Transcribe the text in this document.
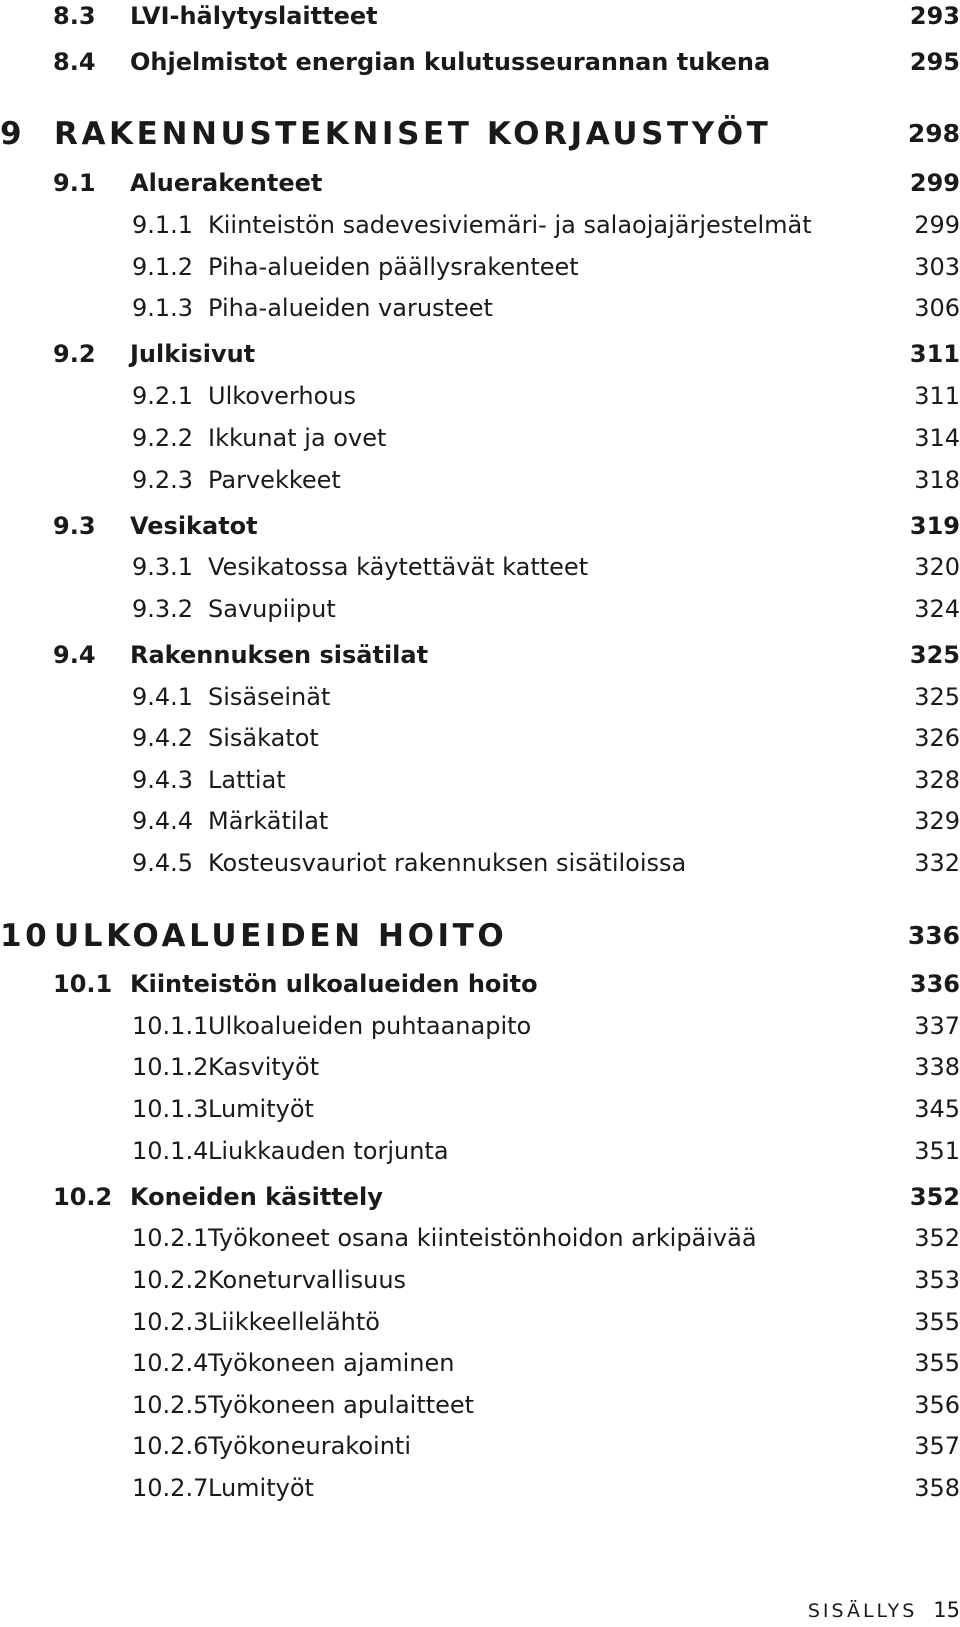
8.3 LVI-hälytyslaitteet	293
8.4 Ohjelmistot energian kulutusseurannan tukena	295
9 RAKENNUSTEKNISET KORJAUSTYÖT	298
9.1 Aluerakenteet	299
9.1.1 Kiinteistön sadevesiviemäri- ja salaojajärjestelmät	299
9.1.2 Piha-alueiden päällysrakenteet	303
9.1.3 Piha-alueiden varusteet	306
9.2 Julkisivut	311
9.2.1 Ulkoverhous	311
9.2.2 Ikkunat ja ovet	314
9.2.3 Parvekkeet	318
9.3 Vesikatot	319
9.3.1 Vesikatossa käytettävät katteet	320
9.3.2 Savupiiput	324
9.4 Rakennuksen sisätilat	325
9.4.1 Sisäseinät	325
9.4.2 Sisäkatot	326
9.4.3 Lattiat	328
9.4.4 Märkätilat	329
9.4.5 Kosteusvauriot rakennuksen sisätiloissa	332
10 ULKOALUEIDEN HOITO	336
10.1 Kiinteistön ulkoalueiden hoito	336
10.1.1 Ulkoalueiden puhtaanapito	337
10.1.2 Kasvityöt	338
10.1.3 Lumityöt	345
10.1.4 Liukkauden torjunta	351
10.2 Koneiden käsittely	352
10.2.1 Työkoneet osana kiinteistönhoidon arkipäivää	352
10.2.2 Koneturvallisuus	353
10.2.3 Liikkeellelähtö	355
10.2.4 Työkoneen ajaminen	355
10.2.5 Työkoneen apulaitteet	356
10.2.6 Työkoneurakointi	357
10.2.7 Lumityöt	358
SISÄLLYS 15
